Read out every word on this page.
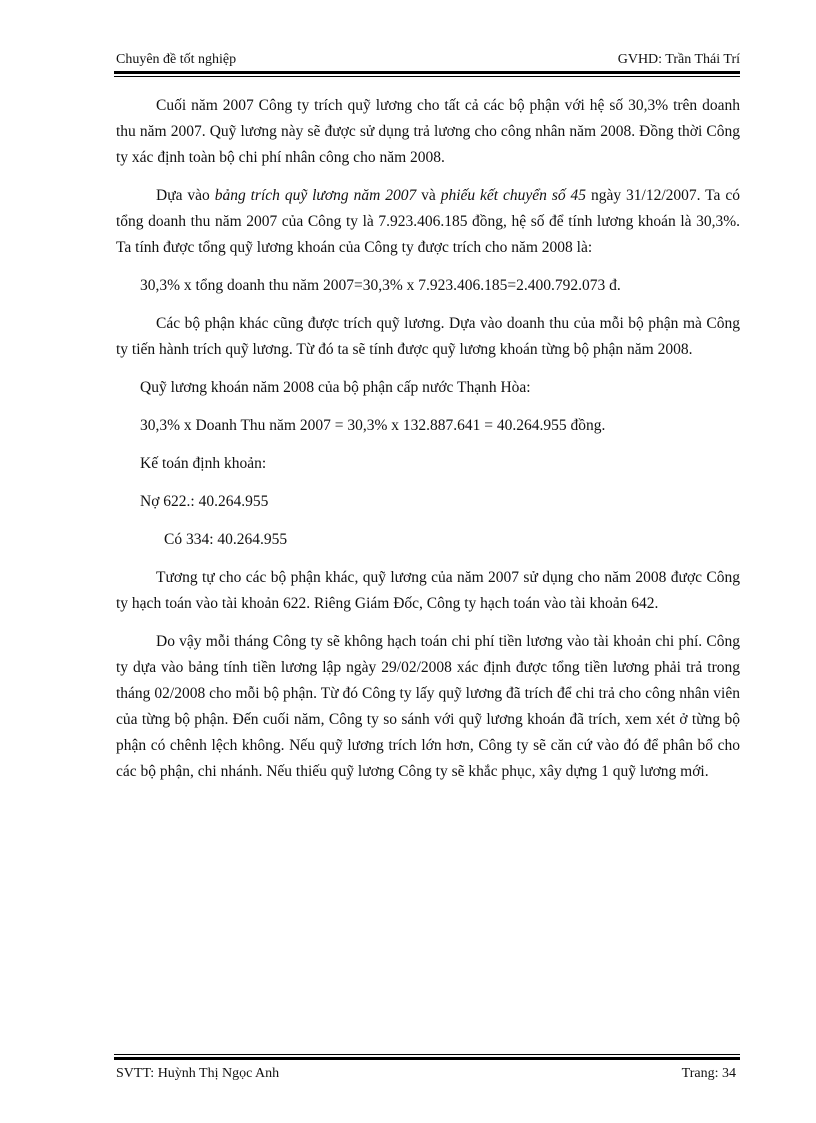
Chuyên đề tốt nghiệp	GVHD: Trần Thái Trí

Cuối năm 2007 Công ty trích quỹ lương cho tất cả các bộ phận với hệ số 30,3% trên doanh thu năm 2007. Quỹ lương này sẽ được sử dụng trả lương cho công nhân năm 2008. Đồng thời Công ty xác định toàn bộ chi phí nhân công cho năm 2008.

Dựa vào bảng trích quỹ lương năm 2007 và phiếu kết chuyển số 45 ngày 31/12/2007. Ta có tổng doanh thu năm 2007 của Công ty là 7.923.406.185 đồng, hệ số để tính lương khoán là 30,3%. Ta tính được tổng quỹ lương khoán của Công ty được trích cho năm 2008 là:

30,3% x tổng doanh thu năm 2007=30,3% x 7.923.406.185=2.400.792.073 đ.

Các bộ phận khác cũng được trích quỹ lương. Dựa vào doanh thu của mỗi bộ phận mà Công ty tiến hành trích quỹ lương. Từ đó ta sẽ tính được quỹ lương khoán từng bộ phận năm 2008.

Quỹ lương khoán năm 2008 của bộ phận cấp nước Thạnh Hòa:

30,3% x Doanh Thu năm 2007 = 30,3% x 132.887.641 = 40.264.955 đồng.

Kế toán định khoản:

Nợ 622.: 40.264.955

Có 334: 40.264.955

Tương tự cho các bộ phận khác, quỹ lương của năm 2007 sử dụng cho năm 2008 được Công ty hạch toán vào tài khoản 622. Riêng Giám Đốc, Công ty hạch toán vào tài khoản 642.

Do vậy mỗi tháng Công ty sẽ không hạch toán chi phí tiền lương vào tài khoản chi phí. Công ty dựa vào bảng tính tiền lương lập ngày 29/02/2008 xác định được tổng tiền lương phải trả trong tháng 02/2008 cho mỗi bộ phận. Từ đó Công ty lấy quỹ lương đã trích để chi trả cho công nhân viên của từng bộ phận. Đến cuối năm, Công ty so sánh với quỹ lương khoán đã trích, xem xét ở từng bộ phận có chênh lệch không. Nếu quỹ lương trích lớn hơn, Công ty sẽ căn cứ vào đó để phân bổ cho các bộ phận, chi nhánh. Nếu thiếu quỹ lương Công ty sẽ khắc phục, xây dựng 1 quỹ lương mới.

SVTT: Huỳnh Thị Ngọc Anh	Trang: 34
